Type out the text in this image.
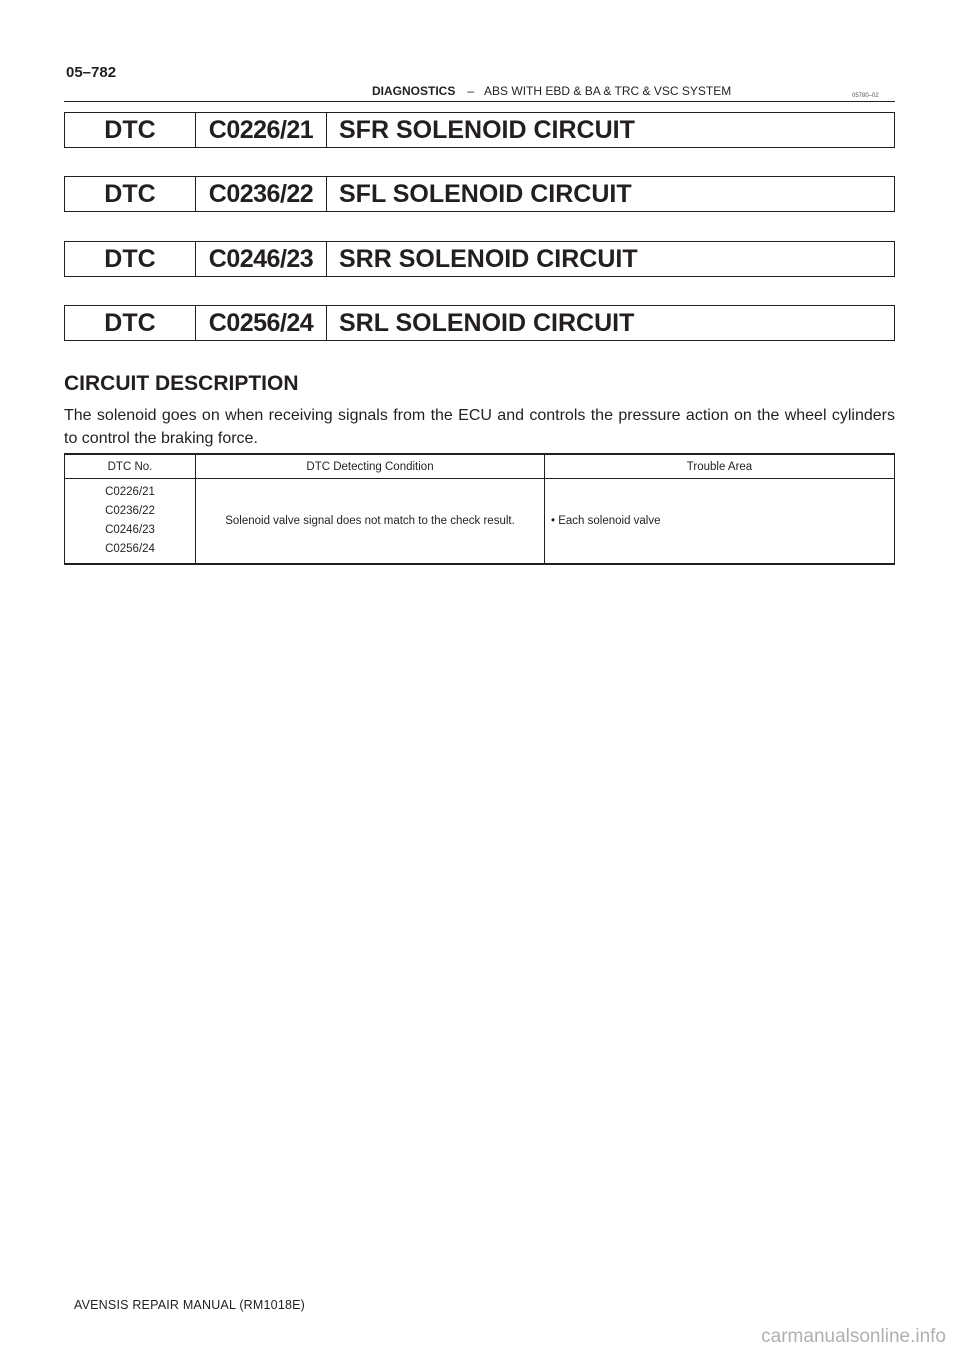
05–782
DIAGNOSTICS – ABS WITH EBD & BA & TRC & VSC SYSTEM	05780–02
DTC	C0226/21	SFR SOLENOID CIRCUIT
DTC	C0236/22	SFL SOLENOID CIRCUIT
DTC	C0246/23	SRR SOLENOID CIRCUIT
DTC	C0256/24	SRL SOLENOID CIRCUIT
CIRCUIT DESCRIPTION
The solenoid goes on when receiving signals from the ECU and controls the pressure action on the wheel cylinders to control the braking force.
DTC No.	DTC Detecting Condition	Trouble Area

C0226/21
C0236/22
C0246/23
C0256/24	Solenoid valve signal does not match to the check result.	• Each solenoid valve
AVENSIS REPAIR MANUAL (RM1018E)
carmanualsonline.info
